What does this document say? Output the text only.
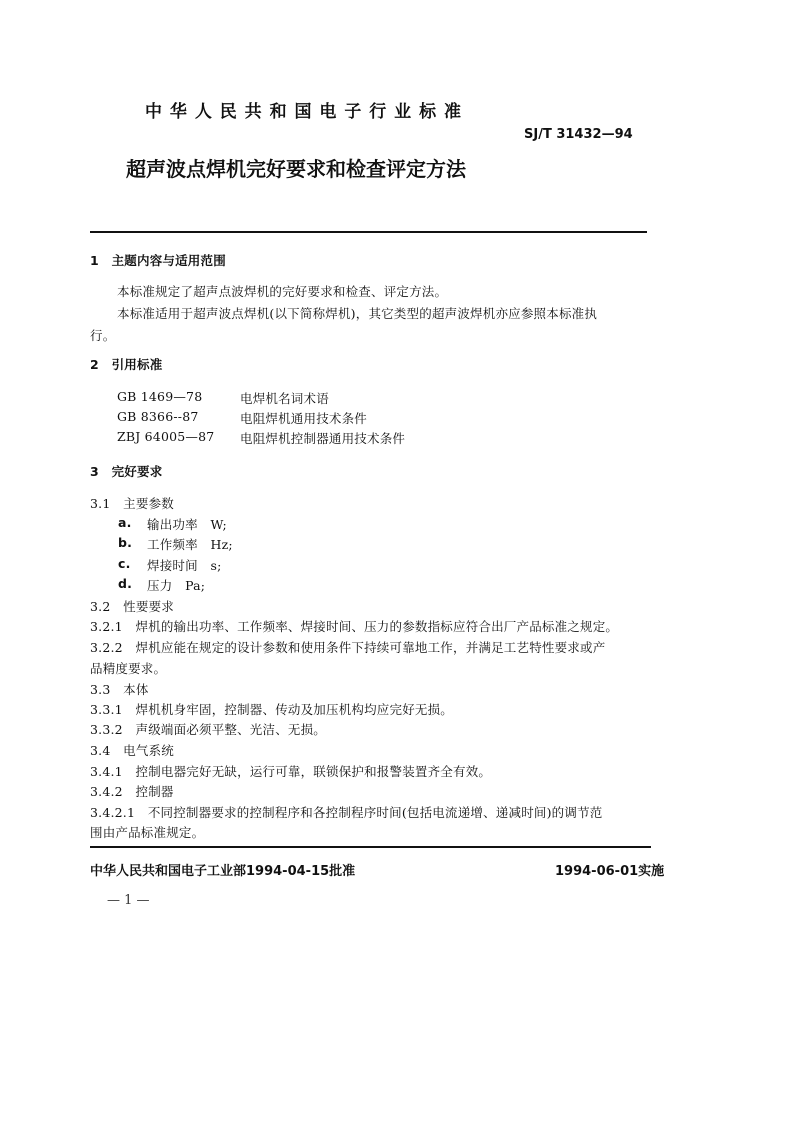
中 华 人 民 共 和 国 电 子 行 业 标 准
SJ/T 31432—94
超声波点焊机完好要求和检查评定方法
1　主题内容与适用范围
本标准规定了超声点波焊机的完好要求和检查、评定方法。
本标准适用于超声波点焊机(以下简称焊机)，其它类型的超声波焊机亦应参照本标准执
行。
2　引用标准
GB 1469—78	电焊机名词术语
GB 8366--87	电阻焊机通用技术条件
ZBJ 64005—87 电阻焊机控制器通用技术条件
3　完好要求
3.1　主要参数
a. 输出功率　W;
b. 工作频率　Hz;
c. 焊接时间　s;
d. 压力　Pa;
3.2　性要要求
3.2.1　焊机的输出功率、工作频率、焊接时间、压力的参数指标应符合出厂产品标准之规定。
3.2.2　焊机应能在规定的设计参数和使用条件下持续可靠地工作，并满足工艺特性要求或产
品精度要求。
3.3　本体
3.3.1　焊机机身牢固，控制器、传动及加压机构均应完好无损。
3.3.2　声级端面必须平整、光洁、无损。
3.4　电气系统
3.4.1　控制电器完好无缺，运行可靠，联锁保护和报警装置齐全有效。
3.4.2　控制器
3.4.2.1　不同控制器要求的控制程序和各控制程序时间(包括电流递增、递减时间)的调节范
围由产品标准规定。
中华人民共和国电子工业部1994-04-15批准	1994-06-01实施
— 1 —
